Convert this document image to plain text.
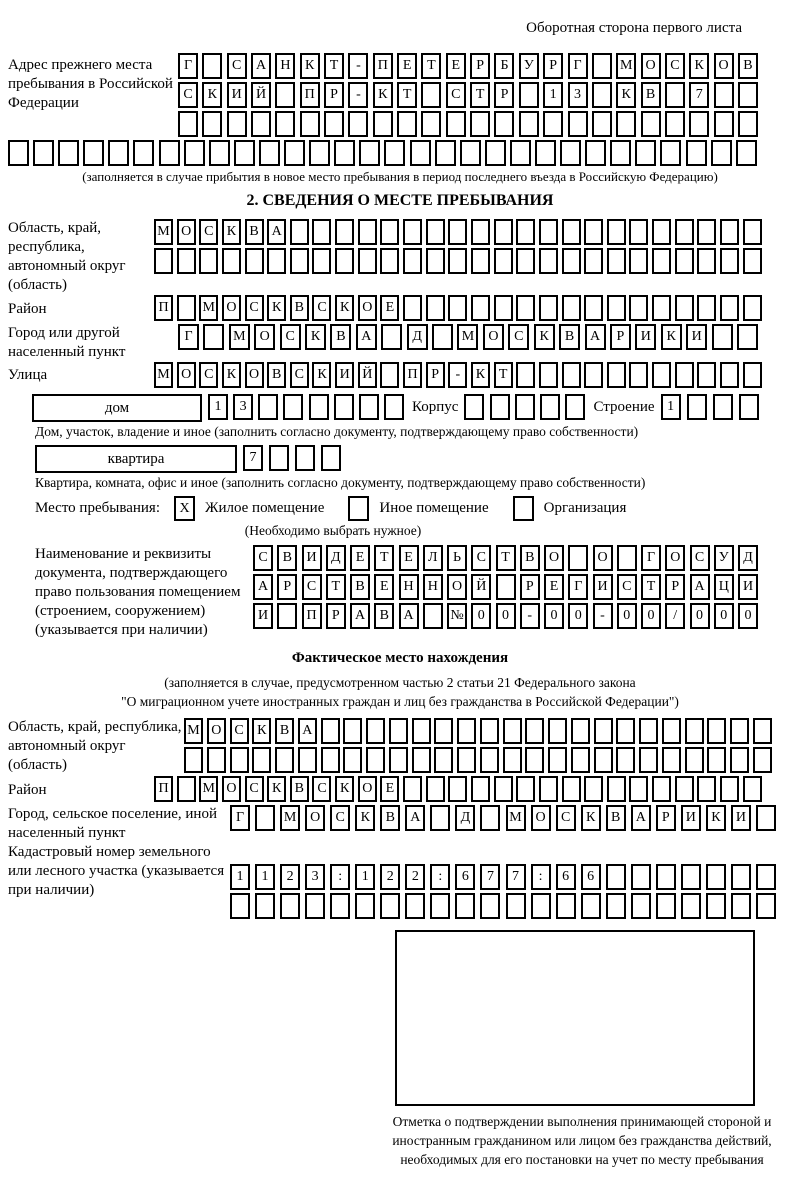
Оборотная сторона первого листа
Адрес прежнего места пребывания в Российской Федерации
Г	С	А	Н	К	Т	-	П	Е	Т	Е	Р	Б	У	Р	Г	М О	С	К	О	В
С	К	И	Й	П	Р	-	К	Т	С	Т	Р	1	3	К	В	7
(заполняется в случае прибытия в новое место пребывания в период последнего въезда в Российскую Федерацию)
2. СВЕДЕНИЯ О МЕСТЕ ПРЕБЫВАНИЯ
Область, край, республика, автономный округ (область)
М О С К В А
Район	П	М О С К В С К О Е
Город или другой населенный пункт
Г	М	О	С	К	В	А	Д	М	О	С	К	В	А	Р	И	К	И
Улица	М О С К О В С К И Й	П Р	-	К Т
дом	1	3	Корпус	Строение 1
Дом, участок, владение и иное (заполнить согласно документу, подтверждающему право собственности)
квартира	7
Квартира, комната, офис и иное (заполнить согласно документу, подтверждающему право собственности)
Место пребывания:	X	Жилое помещение	Иное помещение	Организация
(Необходимо выбрать нужное)
Наименование и реквизиты документа, подтверждающего право пользования помещением (строением, сооружением) (указывается при наличии)
С	В	И	Д	Е	Т	Е	Л	Ь	С	Т	В	О	О	Г	О	С	У	Д
А	Р	С	Т	В	Е	Н	Н	О	Й	Р	Е	Г	И	С	Т	Р	А	Ц	И
И	П	Р	А	В	А	№	0	0	-	0	0	-	0	0	/	0	0	0
Фактическое место нахождения
(заполняется в случае, предусмотренном частью 2 статьи 21 Федерального закона
"О миграционном учете иностранных граждан и лиц без гражданства в Российской Федерации")
Область, край, республика, автономный округ (область)
М О С К В А
Район	П	М О С К В С К О Е
Город, сельское поселение, иной населенный пункт
Г	М О	С	К	В	А	Д	М О	С	К	В	А	Р	И	К	И
Кадастровый номер земельного или лесного участка (указывается при наличии)
1	1	2	3	:	1	2	2	:	6	7	7	:	6	6
Отметка о подтверждении выполнения принимающей стороной и иностранным гражданином или лицом без гражданства действий, необходимых для его постановки на учет по месту пребывания
